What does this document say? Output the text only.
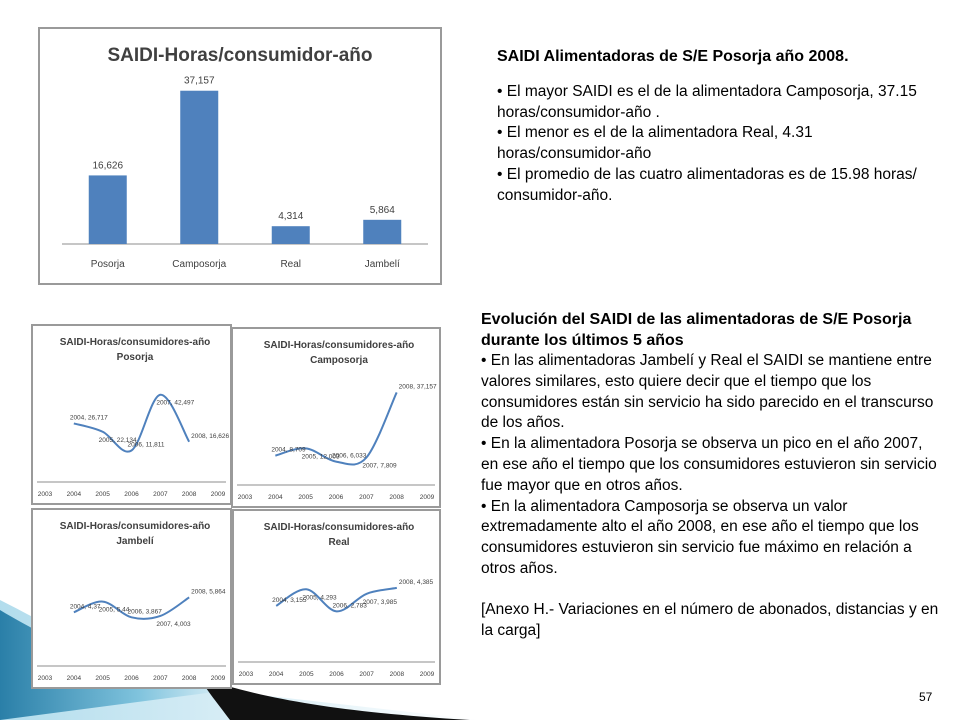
SAIDI-Horas/consumidor-año
16,626
Posorja
37,157
Camposorja
4,314
Real
5,864
Jambelí
SAIDI-Horas/consumidores-año
Posorja
2003 2004 2005 2006 2007 2008 2009
2004, 26,717
2005, 22,134
2006, 11,811
2007, 42,497
2008, 16,626
SAIDI-Horas/consumidores-año
Camposorja
2003 2004 2005 2006 2007 2008 2009
2004, 8,709
2005, 12,003
2006, 6,033
2007, 7,809
2008, 37,157
SAIDI-Horas/consumidores-año
Jambelí
2003 2004 2005 2006 2007 2008 2009
2004, 4,37
2005, 5,44
2006, 3,867
2007, 4,003
2008, 5,864
SAIDI-Horas/consumidores-año
Real
2003 2004 2005 2006 2007 2008 2009
2004, 3,155
2005, 4,293
2006, 2,783
2007, 3,985
2008, 4,385

SAIDI Alimentadoras de S/E Posorja año 2008.

• El mayor SAIDI es el de la alimentadora Camposorja, 37.15 horas/consumidor-año .

• El menor es el de la alimentadora Real, 4.31 horas/consumidor-año

• El promedio de las cuatro alimentadoras es de 15.98 horas/ consumidor-año.

Evolución del SAIDI de las alimentadoras de S/E Posorja durante los últimos 5 años

• En las alimentadoras Jambelí y Real el SAIDI se mantiene entre valores similares, esto quiere decir que el tiempo que los consumidores están sin servicio ha sido parecido en el transcurso de los años.

• En la alimentadora Posorja se observa un pico en el año 2007, en ese año el tiempo que los consumidores estuvieron sin servicio fue mayor que en otros años.

• En la alimentadora Camposorja se observa un valor extremadamente alto el año 2008, en ese año el tiempo que los consumidores estuvieron sin servicio fue máximo en relación a otros años.

[Anexo H.- Variaciones en el número de abonados, distancias y en la carga]

57
